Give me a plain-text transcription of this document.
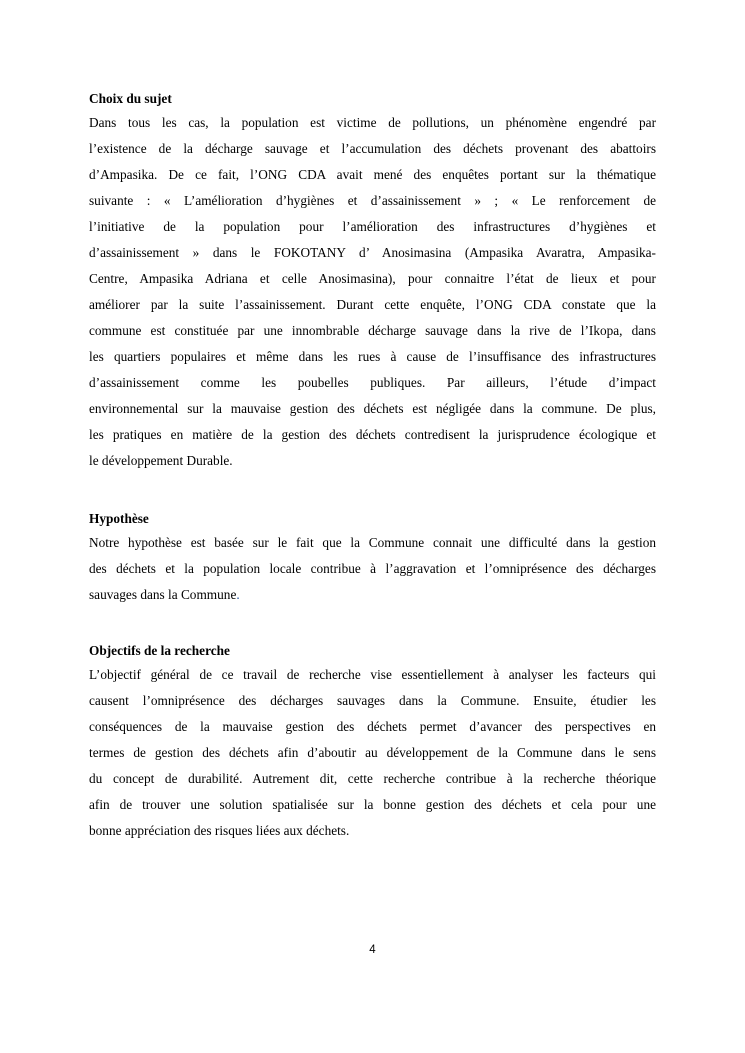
Choix du sujet
Dans tous les cas, la population est victime de pollutions, un phénomène engendré par
l’existence de la décharge sauvage et l’accumulation des déchets provenant des abattoirs
d’Ampasika. De ce fait, l’ONG CDA avait mené des enquêtes portant sur la thématique
suivante : « L’amélioration d’hygiènes et d’assainissement » ; « Le renforcement de
l’initiative de la population pour l’amélioration des infrastructures d’hygiènes et
d’assainissement » dans le FOKOTANY d’ Anosimasina (Ampasika Avaratra, Ampasika-
Centre, Ampasika Adriana et celle Anosimasina), pour connaitre l’état de lieux et pour
améliorer par la suite l’assainissement. Durant cette enquête, l’ONG CDA constate que la
commune est constituée par une innombrable décharge sauvage dans la rive de l’Ikopa, dans
les quartiers populaires et même dans les rues à cause de l’insuffisance des infrastructures
d’assainissement comme les poubelles publiques. Par ailleurs, l’étude d’impact
environnemental sur la mauvaise gestion des déchets est négligée dans la commune. De plus,
les pratiques en matière de la gestion des déchets contredisent la jurisprudence écologique et
le développement Durable.
Hypothèse
Notre hypothèse est basée sur le fait que la Commune connait une difficulté dans la gestion
des déchets et la population locale contribue à l’aggravation et l’omniprésence des décharges
sauvages dans la Commune.
Objectifs de la recherche
L’objectif général de ce travail de recherche vise essentiellement à analyser les facteurs qui
causent l’omniprésence des décharges sauvages dans la Commune. Ensuite, étudier les
conséquences de la mauvaise gestion des déchets permet d’avancer des perspectives en
termes de gestion des déchets afin d’aboutir au développement de la Commune dans le sens
du concept de durabilité. Autrement dit, cette recherche contribue à la recherche théorique
afin de trouver une solution spatialisée sur la bonne gestion des déchets et cela pour une
bonne appréciation des risques liées aux déchets.
4
